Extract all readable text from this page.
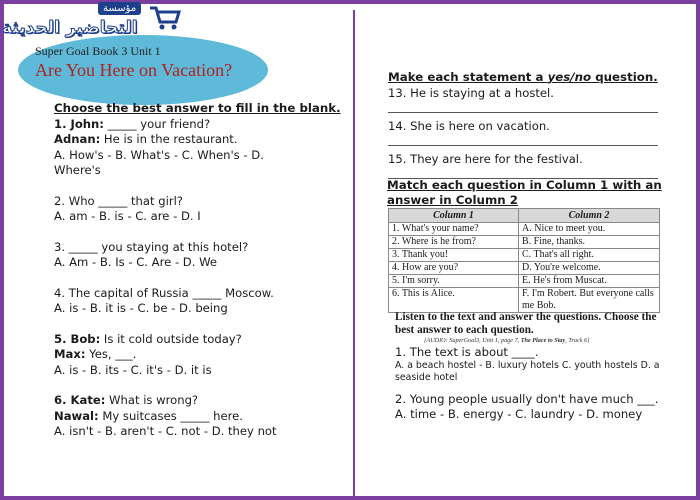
مؤسسة
التحاضير الحديثة
Super Goal Book 3 Unit 1
Are You Here on Vacation?
Choose the best answer to fill in the blank.
1. John: _____ your friend?
Adnan: He is in the restaurant.
A. How's - B. What's - C. When's - D. Where's
2. Who _____ that girl?
A. am - B. is - C. are - D. I
3. _____ you staying at this hotel?
A. Am - B. Is - C. Are - D. We
4. The capital of Russia _____ Moscow.
A. is - B. it is - C. be - D. being
5. Bob: Is it cold outside today?
Max: Yes, ___.
A. is - B. its - C. it's - D. it is
6. Kate: What is wrong?
Nawal: My suitcases _____ here.
A. isn't - B. aren't - C. not - D. they not
Make each statement a yes/no question.
13. He is staying at a hostel.
14. She is here on vacation.
15. They are here for the festival.
Match each question in Column 1 with an answer in Column 2
Column 1	Column 2
1. What's your name?	A. Nice to meet you.
2. Where is he from?	B. Fine, thanks.
3. Thank you!	C. That's all right.
4. How are you?	D. You're welcome.
5. I'm sorry.	E. He's from Muscat.
6. This is Alice.	F. I'm Robert. But everyone calls me Bob.
Listen to the text and answer the questions. Choose the best answer to each question.
[AUDIO: SuperGoal3, Unit 1, page 7, The Place to Stay, Track 6]
1. The text is about ____.
A. a beach hostel - B. luxury hotels C. youth hostels D. a seaside hotel
2. Young people usually don't have much ___.
A. time - B. energy - C. laundry - D. money
